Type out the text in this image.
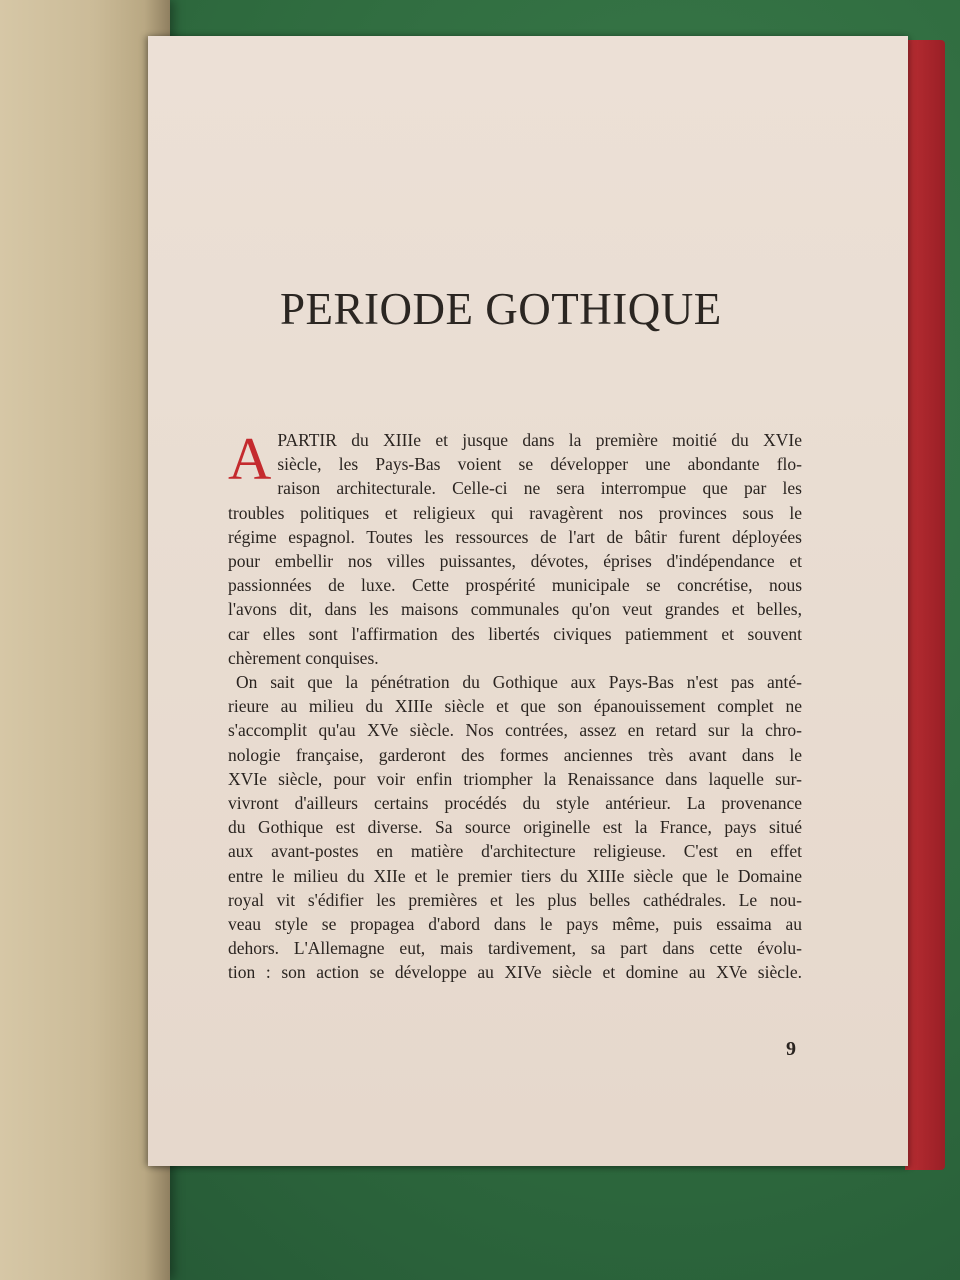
PERIODE GOTHIQUE
A PARTIR du XIIIe et jusque dans la première moitié du XVIe
siècle, les Pays-Bas voient se développer une abondante flo-
raison architecturale. Celle-ci ne sera interrompue que par les
troubles politiques et religieux qui ravagèrent nos provinces sous le
régime espagnol. Toutes les ressources de l'art de bâtir furent déployées
pour embellir nos villes puissantes, dévotes, éprises d'indépendance et
passionnées de luxe. Cette prospérité municipale se concrétise, nous
l'avons dit, dans les maisons communales qu'on veut grandes et belles,
car elles sont l'affirmation des libertés civiques patiemment et souvent
chèrement conquises.
On sait que la pénétration du Gothique aux Pays-Bas n'est pas anté-
rieure au milieu du XIIIe siècle et que son épanouissement complet ne
s'accomplit qu'au XVe siècle. Nos contrées, assez en retard sur la chro-
nologie française, garderont des formes anciennes très avant dans le
XVIe siècle, pour voir enfin triompher la Renaissance dans laquelle sur-
vivront d'ailleurs certains procédés du style antérieur. La provenance
du Gothique est diverse. Sa source originelle est la France, pays situé
aux avant-postes en matière d'architecture religieuse. C'est en effet
entre le milieu du XIIe et le premier tiers du XIIIe siècle que le Domaine
royal vit s'édifier les premières et les plus belles cathédrales. Le nou-
veau style se propagea d'abord dans le pays même, puis essaima au
dehors. L'Allemagne eut, mais tardivement, sa part dans cette évolu-
tion : son action se développe au XIVe siècle et domine au XVe siècle.
9
